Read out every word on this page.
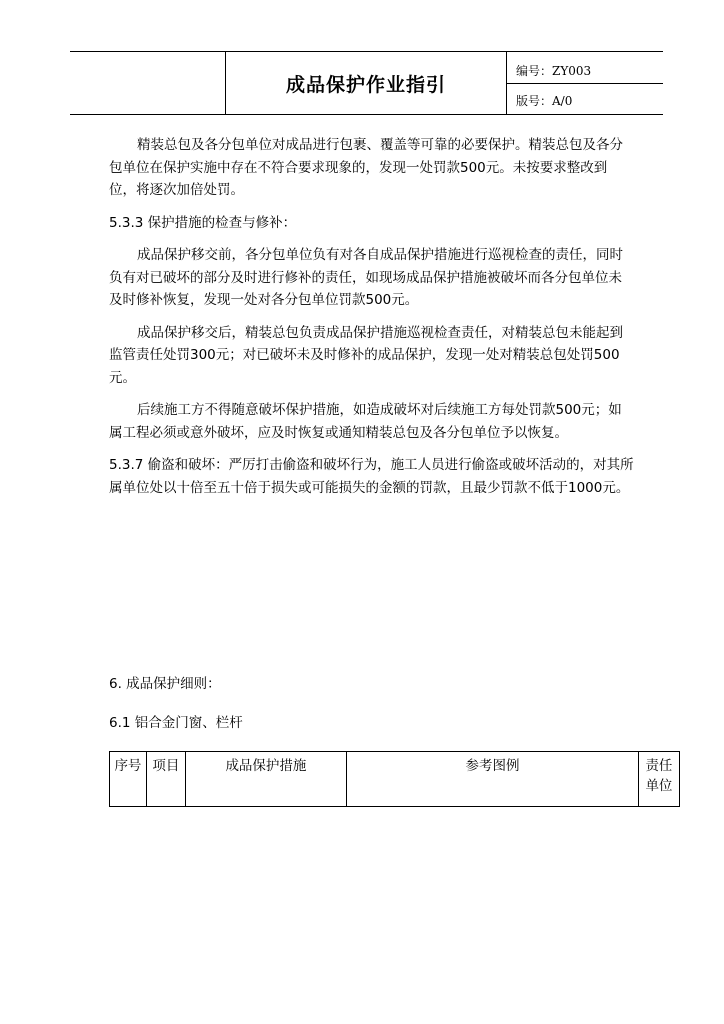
成品保护作业指引
编号：ZY003
版号：A/0

精装总包及各分包单位对成品进行包裹、覆盖等可靠的必要保护。精装总包及各分包单位在保护实施中存在不符合要求现象的，发现一处罚款500元。未按要求整改到位，将逐次加倍处罚。

5.3.3 保护措施的检查与修补：

成品保护移交前，各分包单位负有对各自成品保护措施进行巡视检查的责任，同时负有对已破坏的部分及时进行修补的责任，如现场成品保护措施被破坏而各分包单位未及时修补恢复，发现一处对各分包单位罚款500元。

成品保护移交后，精装总包负责成品保护措施巡视检查责任，对精装总包未能起到监管责任处罚300元；对已破坏未及时修补的成品保护，发现一处对精装总包处罚500元。

后续施工方不得随意破坏保护措施，如造成破坏对后续施工方每处罚款500元；如属工程必须或意外破坏，应及时恢复或通知精装总包及各分包单位予以恢复。

5.3.7 偷盗和破坏：严厉打击偷盗和破坏行为，施工人员进行偷盗或破坏活动的，对其所属单位处以十倍至五十倍于损失或可能损失的金额的罚款，且最少罚款不低于1000元。

6. 成品保护细则：
6.1 铝合金门窗、栏杆
序号	项目	成品保护措施	参考图例	责任单位
